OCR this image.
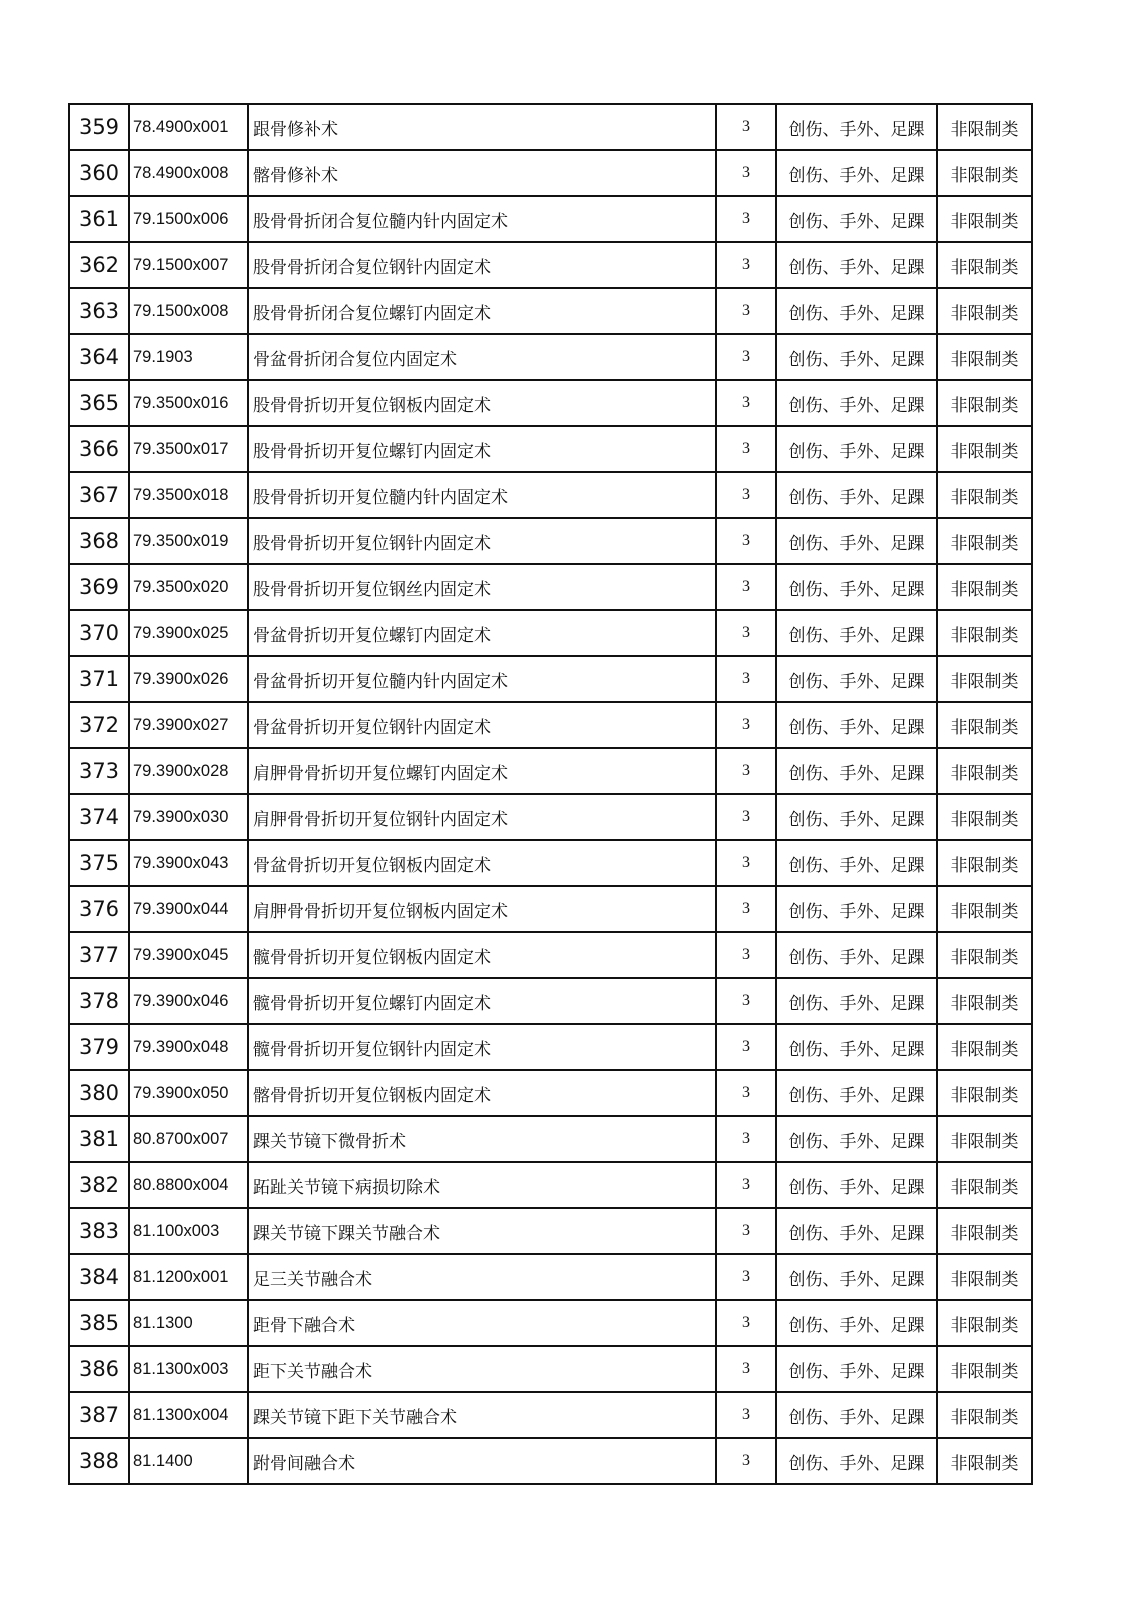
359	78.4900x001	跟骨修补术	3	创伤、手外、足踝	非限制类
360	78.4900x008	髂骨修补术	3	创伤、手外、足踝	非限制类
361	79.1500x006	股骨骨折闭合复位髓内针内固定术	3	创伤、手外、足踝	非限制类
362	79.1500x007	股骨骨折闭合复位钢针内固定术	3	创伤、手外、足踝	非限制类
363	79.1500x008	股骨骨折闭合复位螺钉内固定术	3	创伤、手外、足踝	非限制类
364	79.1903	骨盆骨折闭合复位内固定术	3	创伤、手外、足踝	非限制类
365	79.3500x016	股骨骨折切开复位钢板内固定术	3	创伤、手外、足踝	非限制类
366	79.3500x017	股骨骨折切开复位螺钉内固定术	3	创伤、手外、足踝	非限制类
367	79.3500x018	股骨骨折切开复位髓内针内固定术	3	创伤、手外、足踝	非限制类
368	79.3500x019	股骨骨折切开复位钢针内固定术	3	创伤、手外、足踝	非限制类
369	79.3500x020	股骨骨折切开复位钢丝内固定术	3	创伤、手外、足踝	非限制类
370	79.3900x025	骨盆骨折切开复位螺钉内固定术	3	创伤、手外、足踝	非限制类
371	79.3900x026	骨盆骨折切开复位髓内针内固定术	3	创伤、手外、足踝	非限制类
372	79.3900x027	骨盆骨折切开复位钢针内固定术	3	创伤、手外、足踝	非限制类
373	79.3900x028	肩胛骨骨折切开复位螺钉内固定术	3	创伤、手外、足踝	非限制类
374	79.3900x030	肩胛骨骨折切开复位钢针内固定术	3	创伤、手外、足踝	非限制类
375	79.3900x043	骨盆骨折切开复位钢板内固定术	3	创伤、手外、足踝	非限制类
376	79.3900x044	肩胛骨骨折切开复位钢板内固定术	3	创伤、手外、足踝	非限制类
377	79.3900x045	髋骨骨折切开复位钢板内固定术	3	创伤、手外、足踝	非限制类
378	79.3900x046	髋骨骨折切开复位螺钉内固定术	3	创伤、手外、足踝	非限制类
379	79.3900x048	髋骨骨折切开复位钢针内固定术	3	创伤、手外、足踝	非限制类
380	79.3900x050	髂骨骨折切开复位钢板内固定术	3	创伤、手外、足踝	非限制类
381	80.8700x007	踝关节镜下微骨折术	3	创伤、手外、足踝	非限制类
382	80.8800x004	跖趾关节镜下病损切除术	3	创伤、手外、足踝	非限制类
383	81.100x003	踝关节镜下踝关节融合术	3	创伤、手外、足踝	非限制类
384	81.1200x001	足三关节融合术	3	创伤、手外、足踝	非限制类
385	81.1300	距骨下融合术	3	创伤、手外、足踝	非限制类
386	81.1300x003	距下关节融合术	3	创伤、手外、足踝	非限制类
387	81.1300x004	踝关节镜下距下关节融合术	3	创伤、手外、足踝	非限制类
388	81.1400	跗骨间融合术	3	创伤、手外、足踝	非限制类
